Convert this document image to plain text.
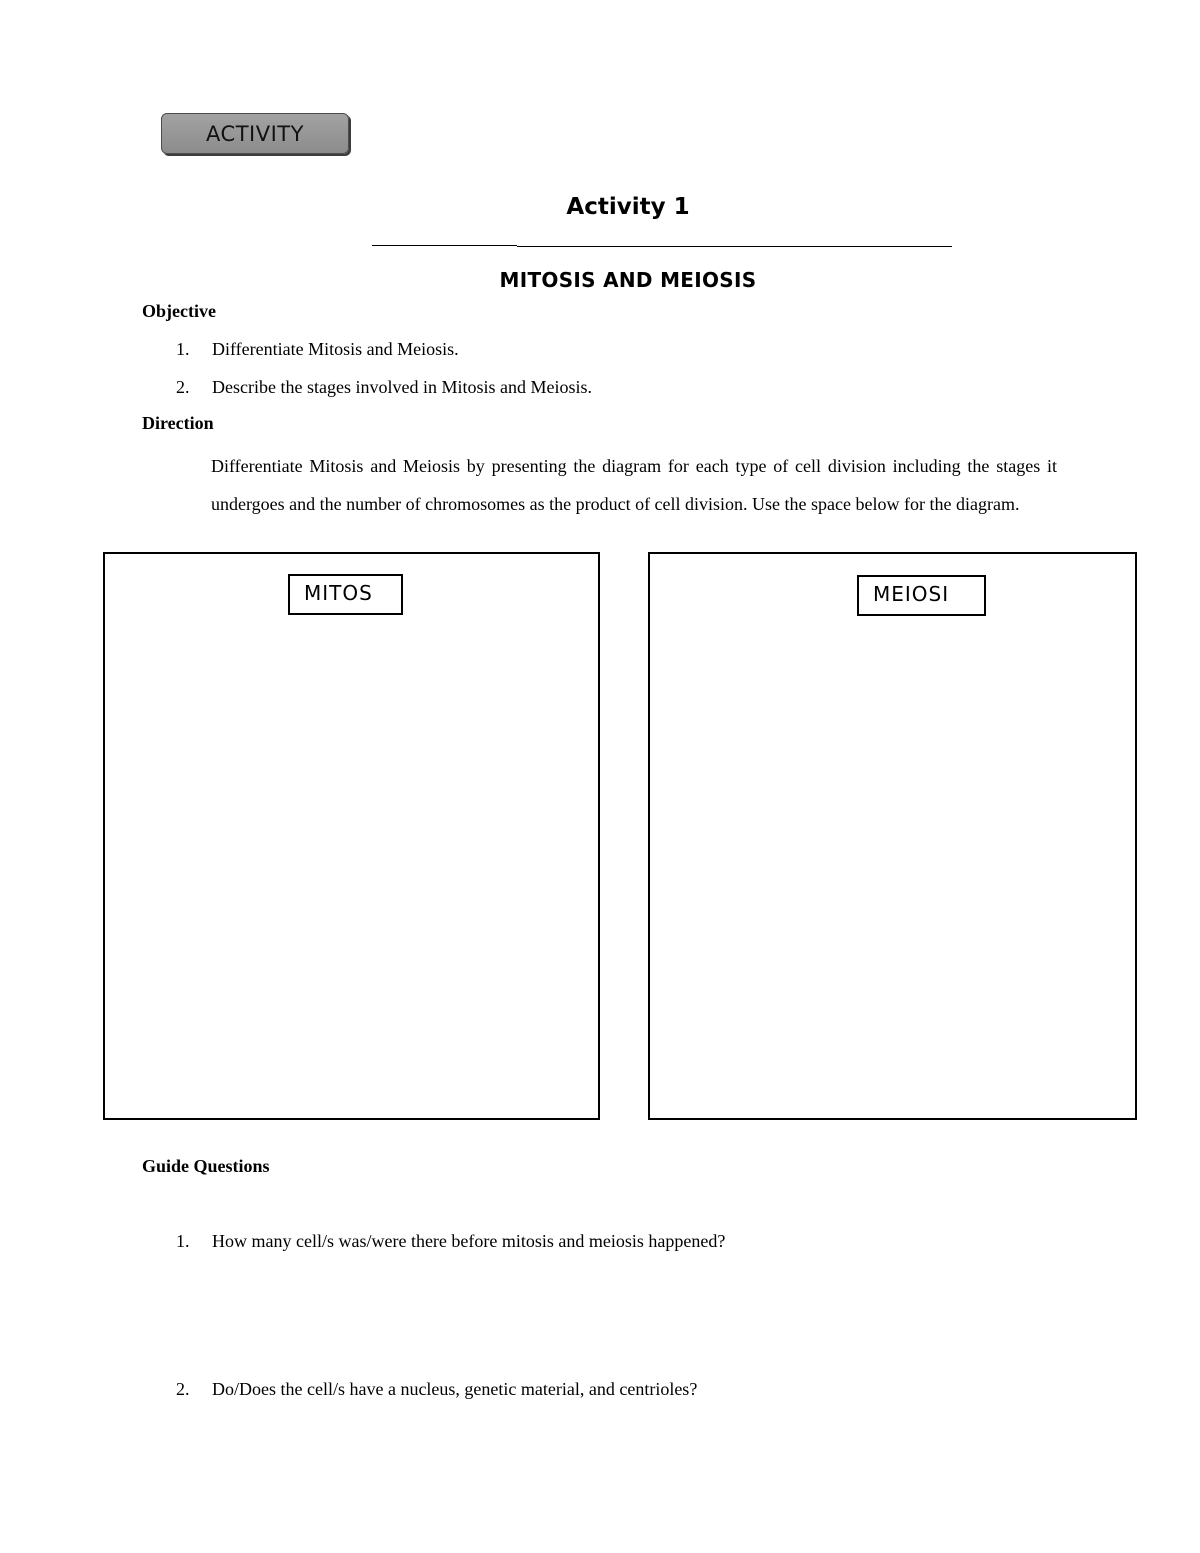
ACTIVITY
Activity 1
MITOSIS AND MEIOSIS
Objective
1. Differentiate Mitosis and Meiosis.
2. Describe the stages involved in Mitosis and Meiosis.
Direction
Differentiate Mitosis and Meiosis by presenting the diagram for each type of cell division including the stages it undergoes and the number of chromosomes as the product of cell division. Use the space below for the diagram.
MITOS	MEIOSI
Guide Questions
1. How many cell/s was/were there before mitosis and meiosis happened?
2. Do/Does the cell/s have a nucleus, genetic material, and centrioles?
